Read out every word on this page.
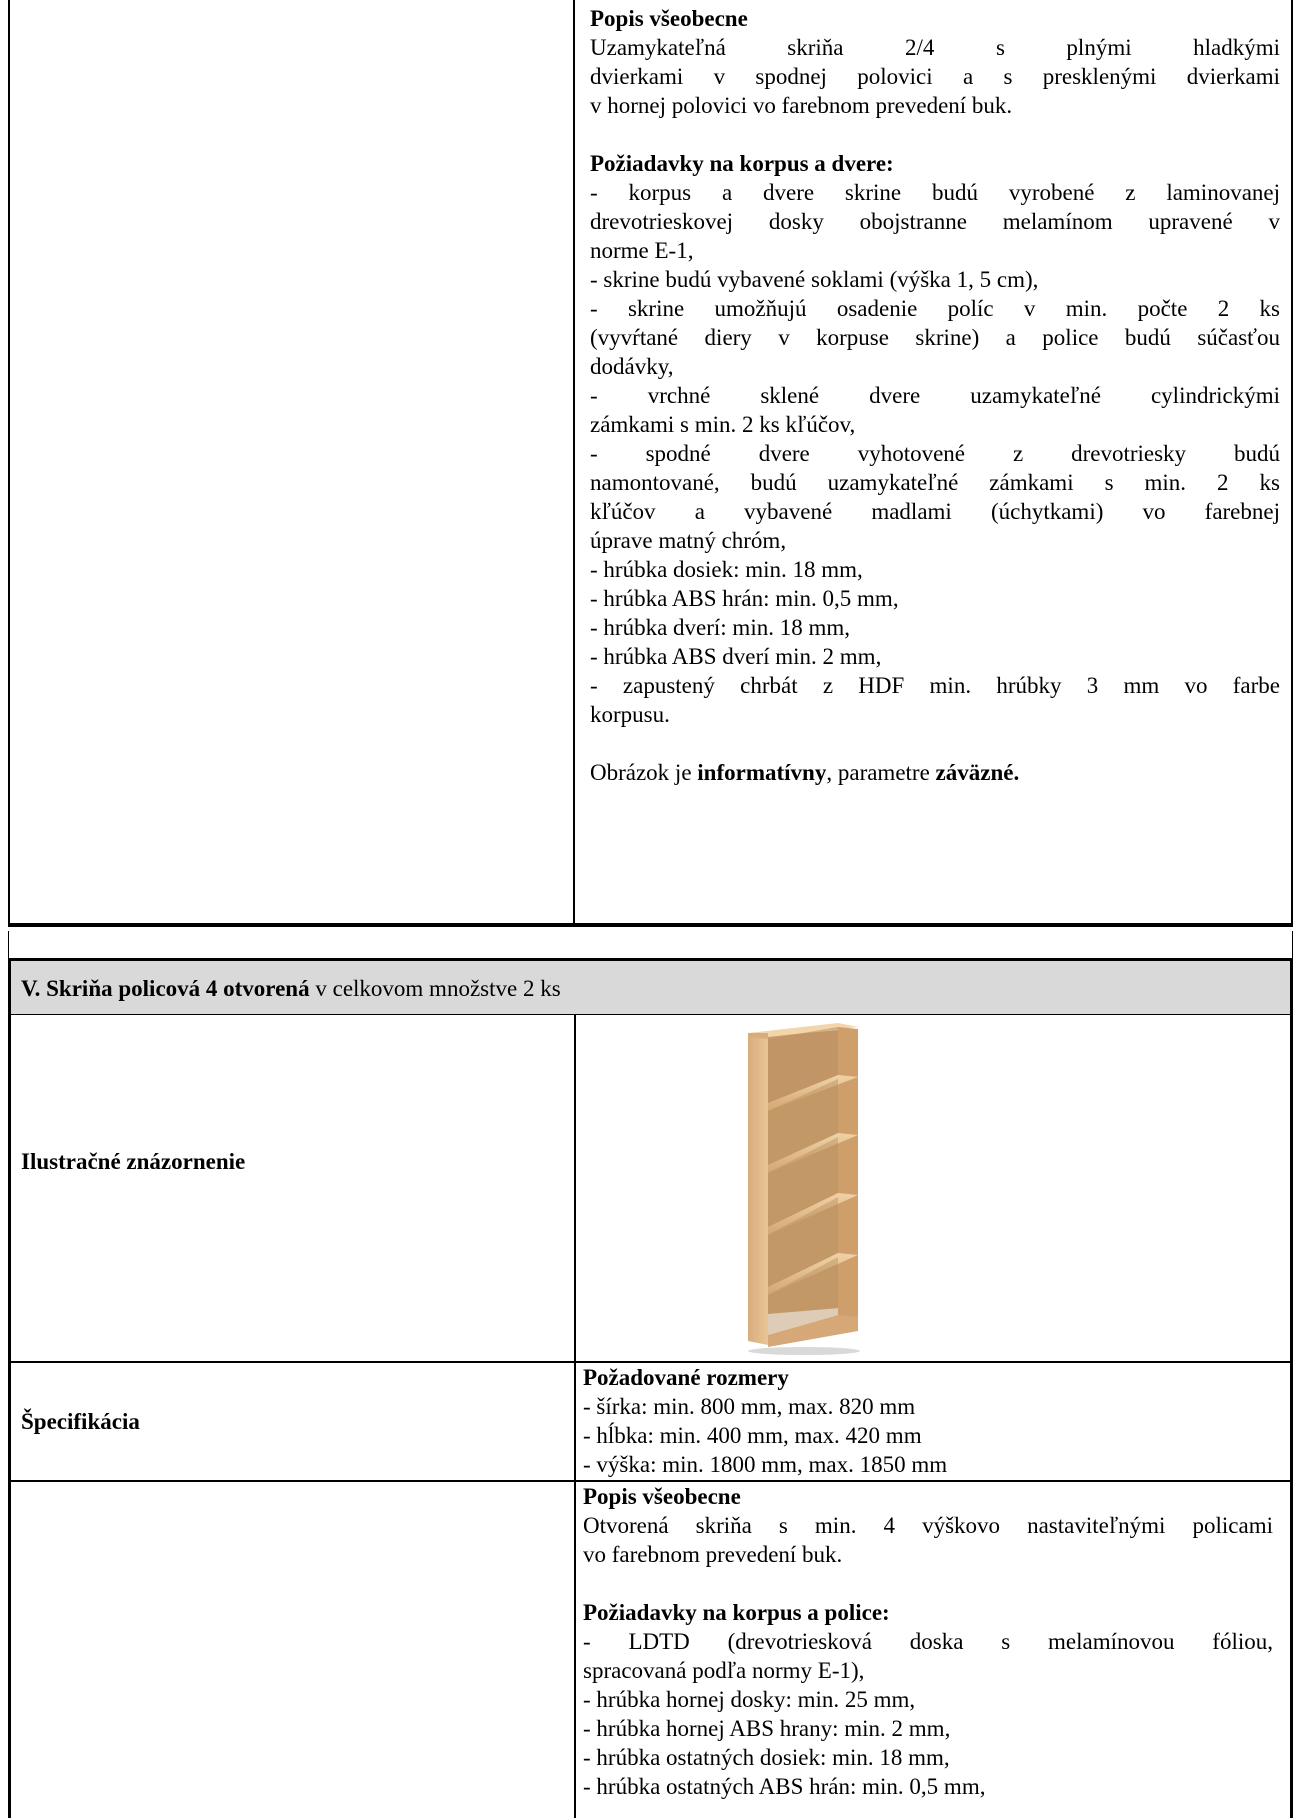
Popis všeobecne

Uzamykateľná skriňa 2/4 s plnými hladkými

dvierkami v spodnej polovici a s presklenými dvierkami

v hornej polovici vo farebnom prevedení buk.

Požiadavky na korpus a dvere:

- korpus a dvere skrine budú vyrobené z laminovanej

drevotrieskovej dosky obojstranne melamínom upravené v

norme E-1,

- skrine budú vybavené soklami (výška 1, 5 cm),

- skrine umožňujú osadenie políc v min. počte 2 ks

(vyvŕtané diery v korpuse skrine) a police budú súčasťou

dodávky,

- vrchné sklené dvere uzamykateľné cylindrickými

zámkami s min. 2 ks kľúčov,

- spodné dvere vyhotovené z drevotriesky budú

namontované, budú uzamykateľné zámkami s min. 2 ks

kľúčov a vybavené madlami (úchytkami) vo farebnej

úprave matný chróm,

- hrúbka dosiek: min. 18 mm,

- hrúbka ABS hrán: min. 0,5 mm,

- hrúbka dverí: min. 18 mm,

- hrúbka ABS dverí min. 2 mm,

- zapustený chrbát z HDF min. hrúbky 3 mm vo farbe

korpusu.

Obrázok je informatívny, parametre záväzné.

V. Skriňa policová 4 otvorená v celkovom množstve 2 ks
Ilustračné znázornenie
Špecifikácia

Požadované rozmery

- šírka: min. 800 mm, max. 820 mm

- hĺbka: min. 400 mm, max. 420 mm

- výška: min. 1800 mm, max. 1850 mm

Popis všeobecne

Otvorená skriňa s min. 4 výškovo nastaviteľnými policami

vo farebnom prevedení buk.

Požiadavky na korpus a police:

- LDTD (drevotriesková doska s melamínovou fóliou,

spracovaná podľa normy E-1),

- hrúbka hornej dosky: min. 25 mm,

- hrúbka hornej ABS hrany: min. 2 mm,

- hrúbka ostatných dosiek: min. 18 mm,

- hrúbka ostatných ABS hrán: min. 0,5 mm,
